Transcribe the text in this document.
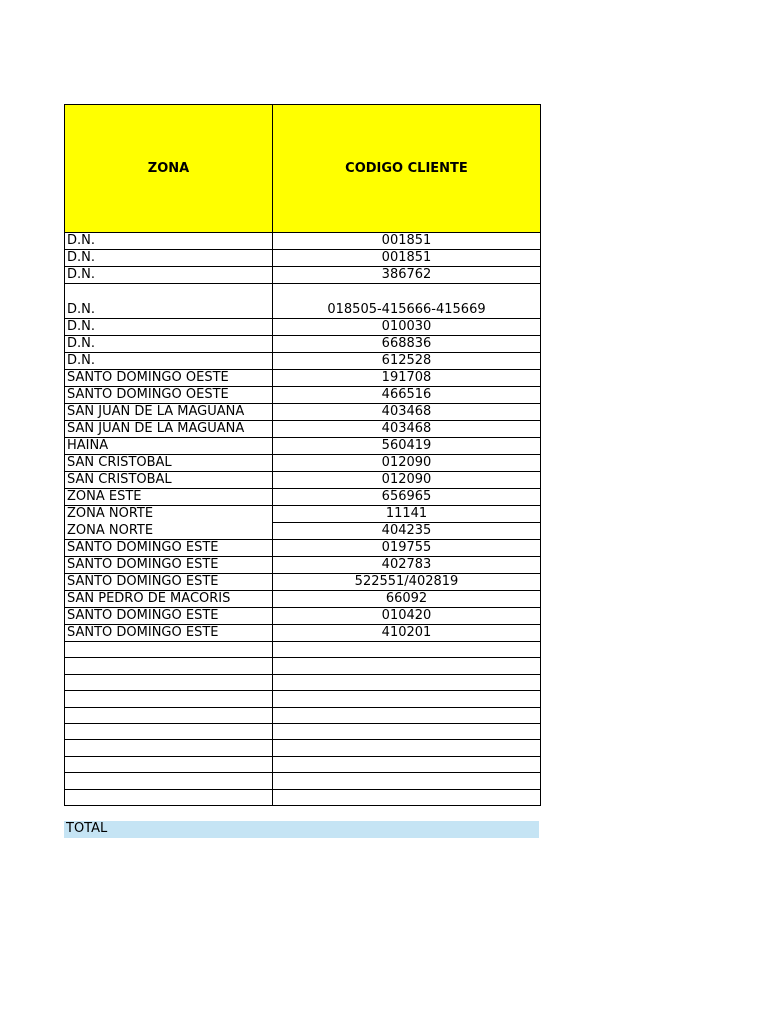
ZONA	CODIGO CLIENTE
D.N.	001851
D.N.	001851
D.N.	386762
D.N.	018505-415666-415669
D.N.	010030
D.N.	668836
D.N.	612528
SANTO DOMINGO OESTE	191708
SANTO DOMINGO OESTE	466516
SAN JUAN DE LA MAGUANA	403468
SAN JUAN DE LA MAGUANA	403468
HAINA	560419
SAN CRISTOBAL	012090
SAN CRISTOBAL	012090
ZONA ESTE	656965
ZONA NORTE	11141
ZONA NORTE	404235
SANTO DOMINGO ESTE	019755
SANTO DOMINGO ESTE	402783
SANTO DOMINGO ESTE	522551/402819
SAN PEDRO DE MACORIS	66092
SANTO DOMINGO ESTE	010420
SANTO DOMINGO ESTE	410201

TOTAL
